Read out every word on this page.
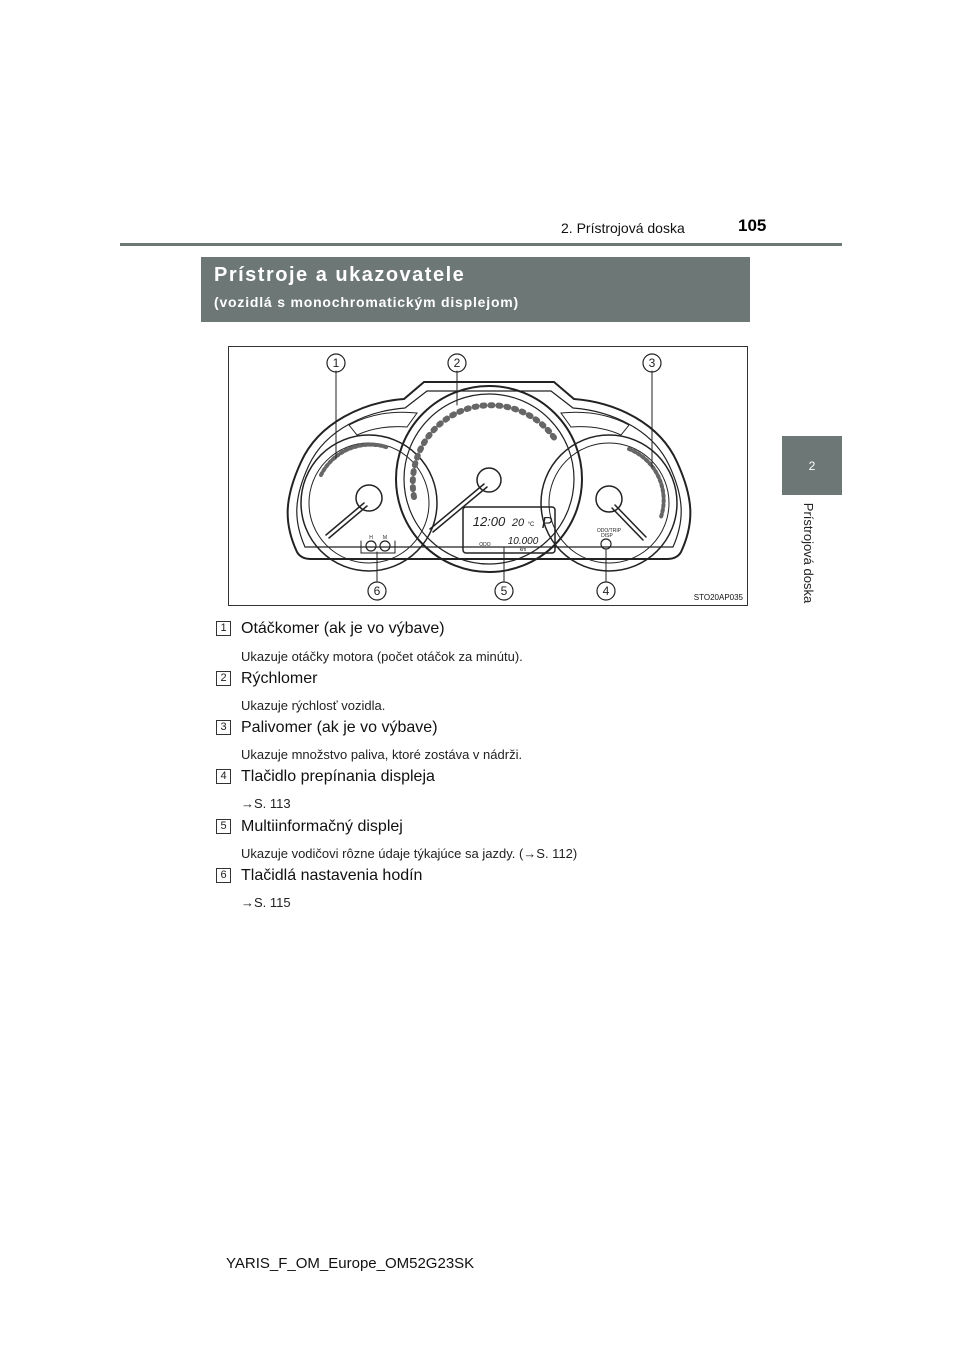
2. Prístrojová doska	105
2
Prístrojová doska
Prístroje a ukazovatele
(vozidlá s monochromatickým displejom)
1	2	3
4
5
6
12:00 20 °C P
ODO 10.000
km
H M
ODO/TRIP
DISP
STO20AP035
1 Otáčkomer (ak je vo výbave)
Ukazuje otáčky motora (počet otáčok za minútu).
2 Rýchlomer
Ukazuje rýchlosť vozidla.
3 Palivomer (ak je vo výbave)
Ukazuje množstvo paliva, ktoré zostáva v nádrži.
4 Tlačidlo prepínania displeja
→S. 113
5 Multiinformačný displej
Ukazuje vodičovi rôzne údaje týkajúce sa jazdy. (→S. 112)
6 Tlačidlá nastavenia hodín
→S. 115
YARIS_F_OM_Europe_OM52G23SK
